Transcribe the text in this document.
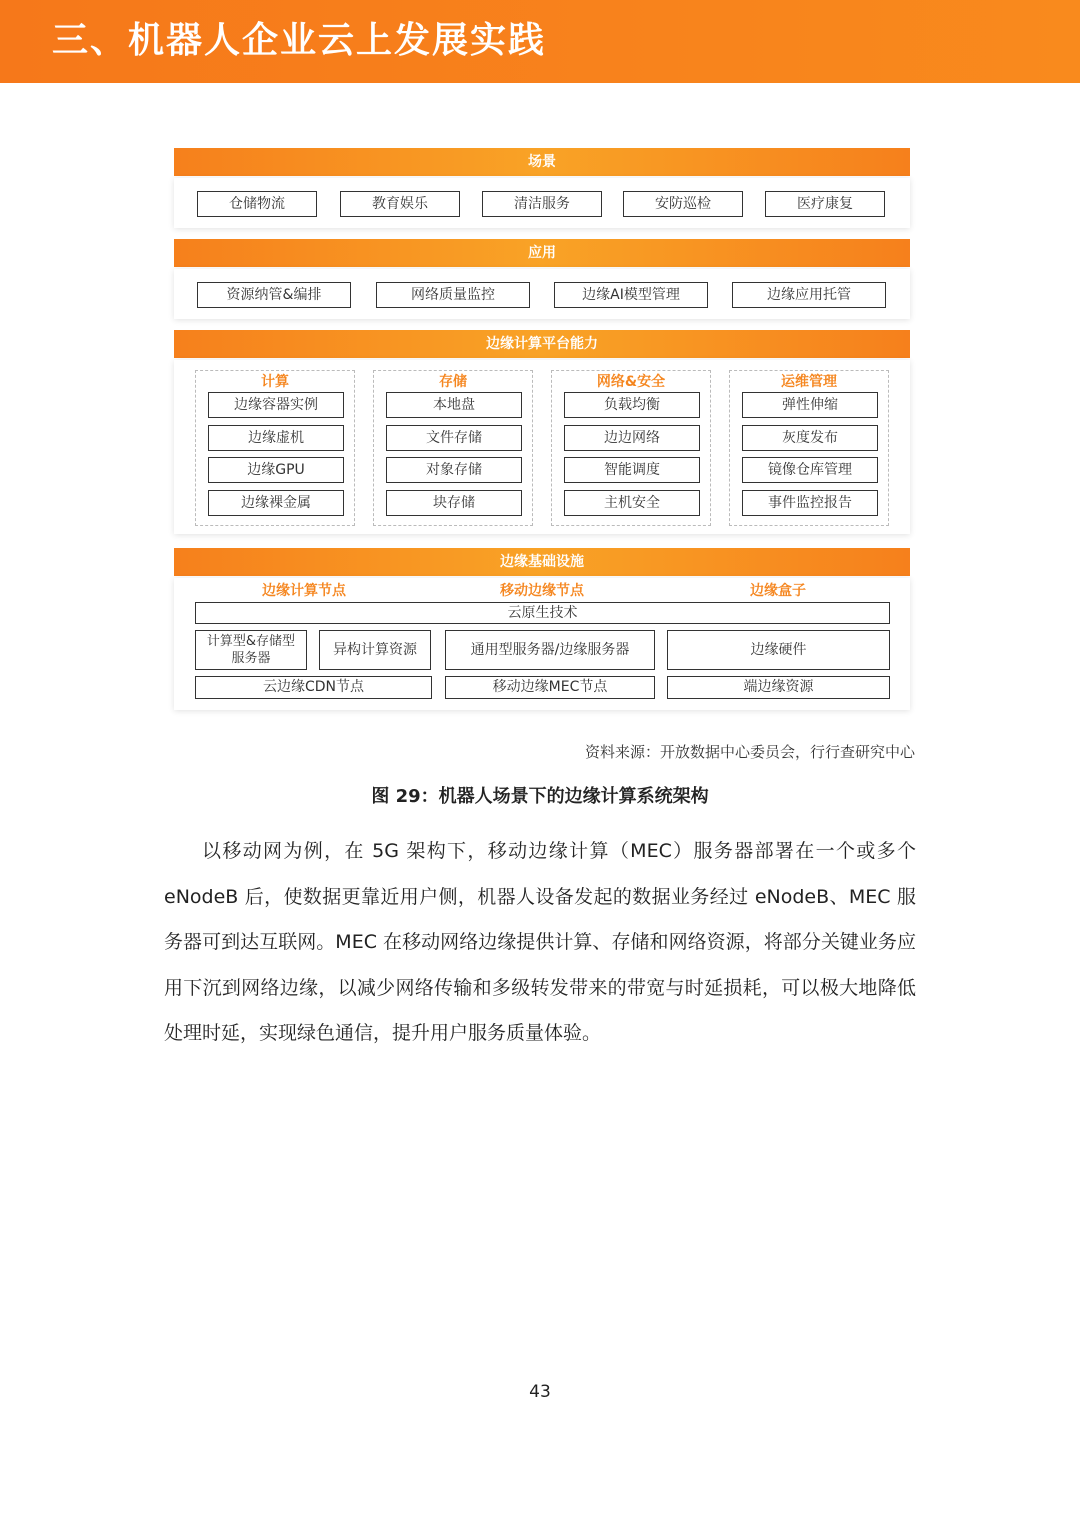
三、机器人企业云上发展实践
场景
仓储物流	教育娱乐	清洁服务	安防巡检	医疗康复
应用
资源纳管&编排	网络质量监控	边缘AI模型管理	边缘应用托管
边缘计算平台能力
计算
边缘容器实例
边缘虚机
边缘GPU
边缘裸金属
存储
本地盘
文件存储
对象存储
块存储
网络&安全
负载均衡
边边网络
智能调度
主机安全
运维管理
弹性伸缩
灰度发布
镜像仓库管理
事件监控报告
边缘基础设施
边缘计算节点	移动边缘节点	边缘盒子
云原生技术
计算型&存储型服务器
异构计算资源	通用型服务器/边缘服务器	边缘硬件
云边缘CDN节点	移动边缘MEC节点	端边缘资源
资料来源：开放数据中心委员会，行行查研究中心
图 29：机器人场景下的边缘计算系统架构

以移动网为例，在 5G 架构下，移动边缘计算（MEC）服务器部署在一个或多个 eNodeB 后，使数据更靠近用户侧，机器人设备发起的数据业务经过 eNodeB、MEC 服务器可到达互联网。MEC 在移动网络边缘提供计算、存储和网络资源，将部分关键业务应用下沉到网络边缘，以减少网络传输和多级转发带来的带宽与时延损耗，可以极大地降低处理时延，实现绿色通信，提升用户服务质量体验。

43
